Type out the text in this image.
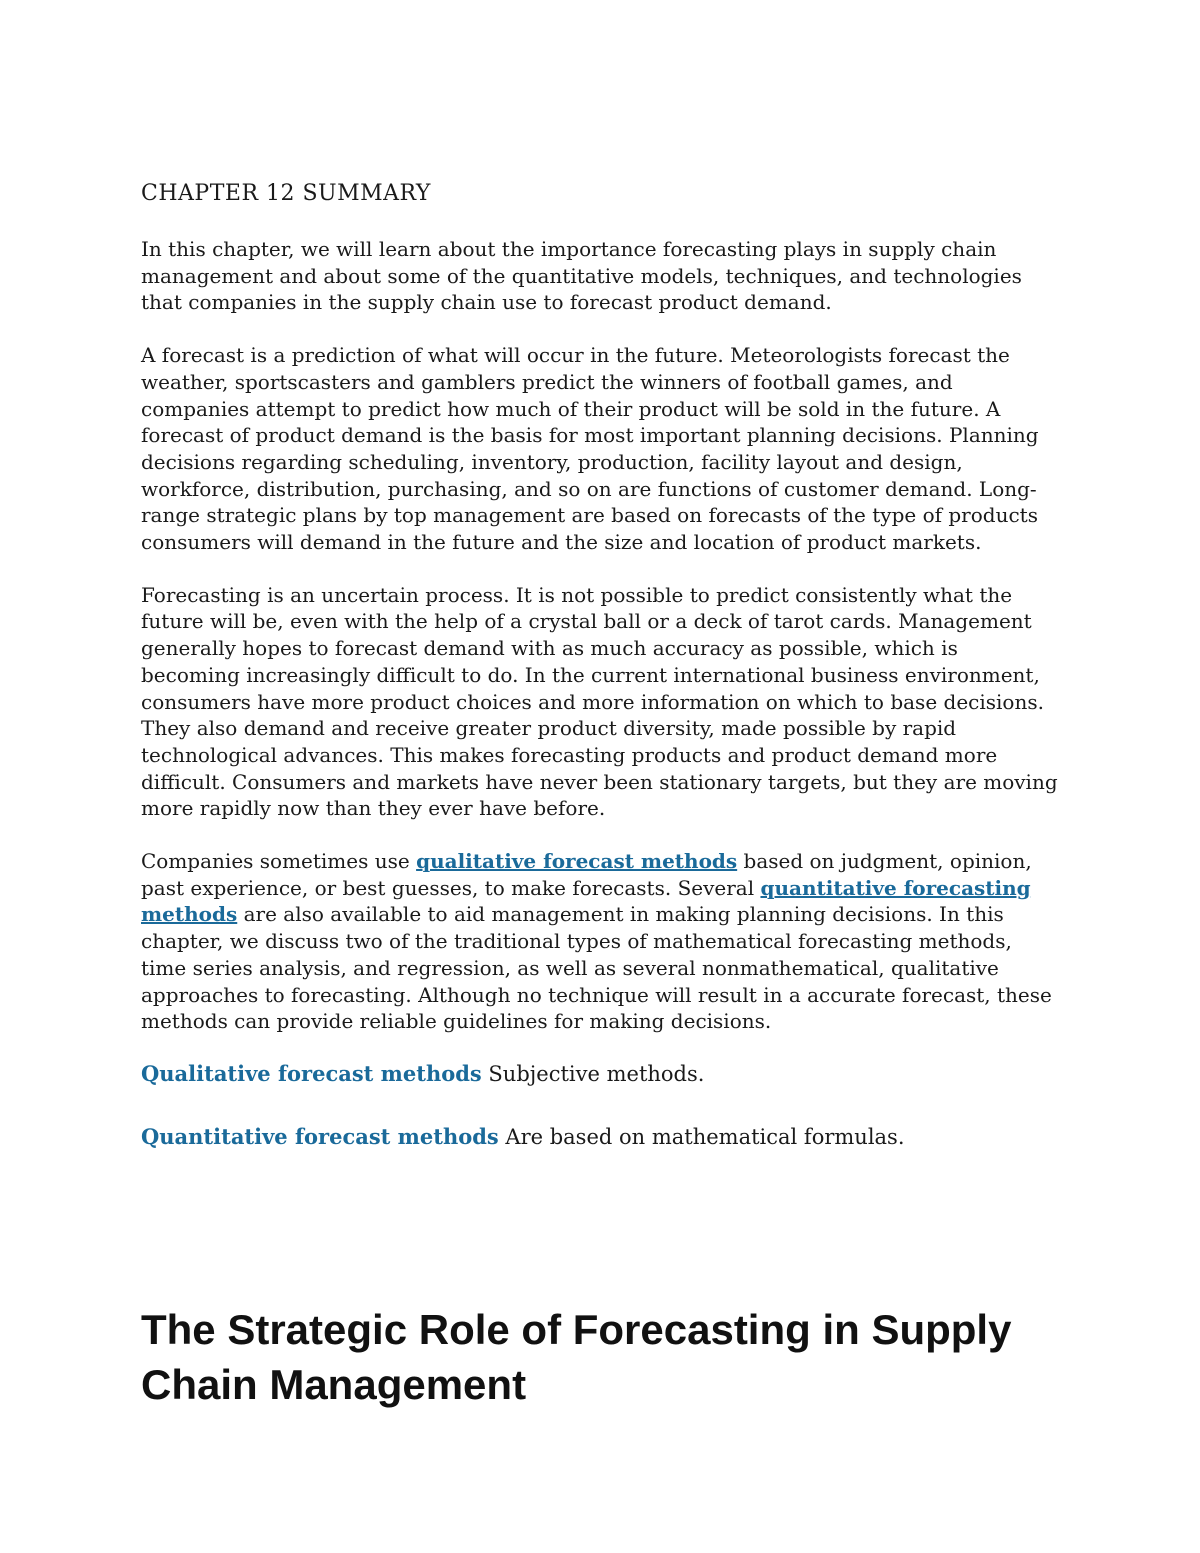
CHAPTER 12 SUMMARY

In this chapter, we will learn about the importance forecasting plays in supply chain management and about some of the quantitative models, techniques, and technologies that companies in the supply chain use to forecast product demand.

A forecast is a prediction of what will occur in the future. Meteorologists forecast the weather, sportscasters and gamblers predict the winners of football games, and companies attempt to predict how much of their product will be sold in the future. A forecast of product demand is the basis for most important planning decisions. Planning decisions regarding scheduling, inventory, production, facility layout and design, workforce, distribution, purchasing, and so on are functions of customer demand. Long-range strategic plans by top management are based on forecasts of the type of products consumers will demand in the future and the size and location of product markets.

Forecasting is an uncertain process. It is not possible to predict consistently what the future will be, even with the help of a crystal ball or a deck of tarot cards. Management generally hopes to forecast demand with as much accuracy as possible, which is becoming increasingly difficult to do. In the current international business environment, consumers have more product choices and more information on which to base decisions. They also demand and receive greater product diversity, made possible by rapid technological advances. This makes forecasting products and product demand more difficult. Consumers and markets have never been stationary targets, but they are moving more rapidly now than they ever have before.

Companies sometimes use qualitative forecast methods based on judgment, opinion, past experience, or best guesses, to make forecasts. Several quantitative forecasting methods are also available to aid management in making planning decisions. In this chapter, we discuss two of the traditional types of mathematical forecasting methods, time series analysis, and regression, as well as several nonmathematical, qualitative approaches to forecasting. Although no technique will result in a accurate forecast, these methods can provide reliable guidelines for making decisions.

Qualitative forecast methods Subjective methods.

Quantitative forecast methods Are based on mathematical formulas.

The Strategic Role of Forecasting in Supply Chain Management
